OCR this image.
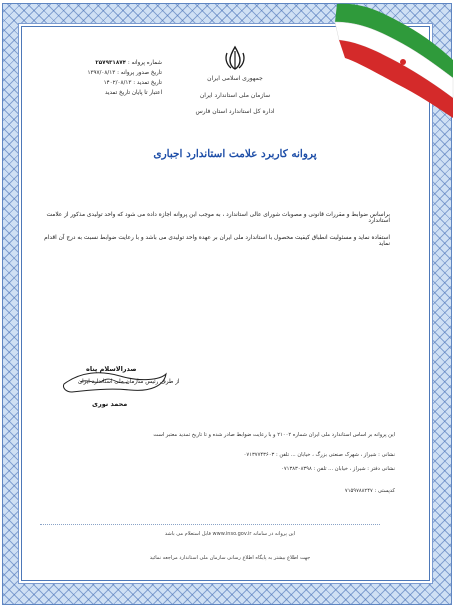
جمهوری اسلامی ایران
سازمان ملی استاندارد ایران
اداره کل استاندارد استان فارس
شماره پروانه : ۲۵۷۹۳۱۸۷۴
تاریخ صدور پروانه : ۱۳۹۷/۰۸/۱۳
تاریخ تمدید : ۱۴۰۲/۰۸/۱۳
اعتبار تا پایان تاریخ تمدید
پروانه کاربرد علامت استاندارد اجباری
براساس ضوابط و مقررات قانونی و مصوبات شورای عالی استاندارد ، به موجب این پروانه اجازه داده می شود که واحد تولیدی مذکور از علامت استاندارد
استفاده نماید و مسئولیت انطباق کیفیت محصول با استاندارد ملی ایران بر عهده واحد تولیدی می باشد و با رعایت ضوابط نسبت به درج آن اقدام نماید
صدرالاسلام پناه
از طرف رئیس سازمان ملی استاندارد ایران
محمد نوری
این پروانه بر اساس استاندارد ملی ایران شماره ۲۱۰۰۲ و با رعایت ضوابط صادر شده و تا تاریخ تمدید معتبر است
نشانی : شیراز ، شهرک صنعتی بزرگ ، خیابان ... تلفن : ۰۷۱۳۷۷۴۳۶۰۳
نشانی دفتر : شیراز ، خیابان ... تلفن : ۰۷۱۳۸۳۰۸۳۹۸
کدپستی : ۷۱۵۹۷۸۸۲۴۷
این پروانه در سامانه www.inso.gov.ir قابل استعلام می باشد
جهت اطلاع بیشتر به پایگاه اطلاع رسانی سازمان ملی استاندارد مراجعه نمائید
